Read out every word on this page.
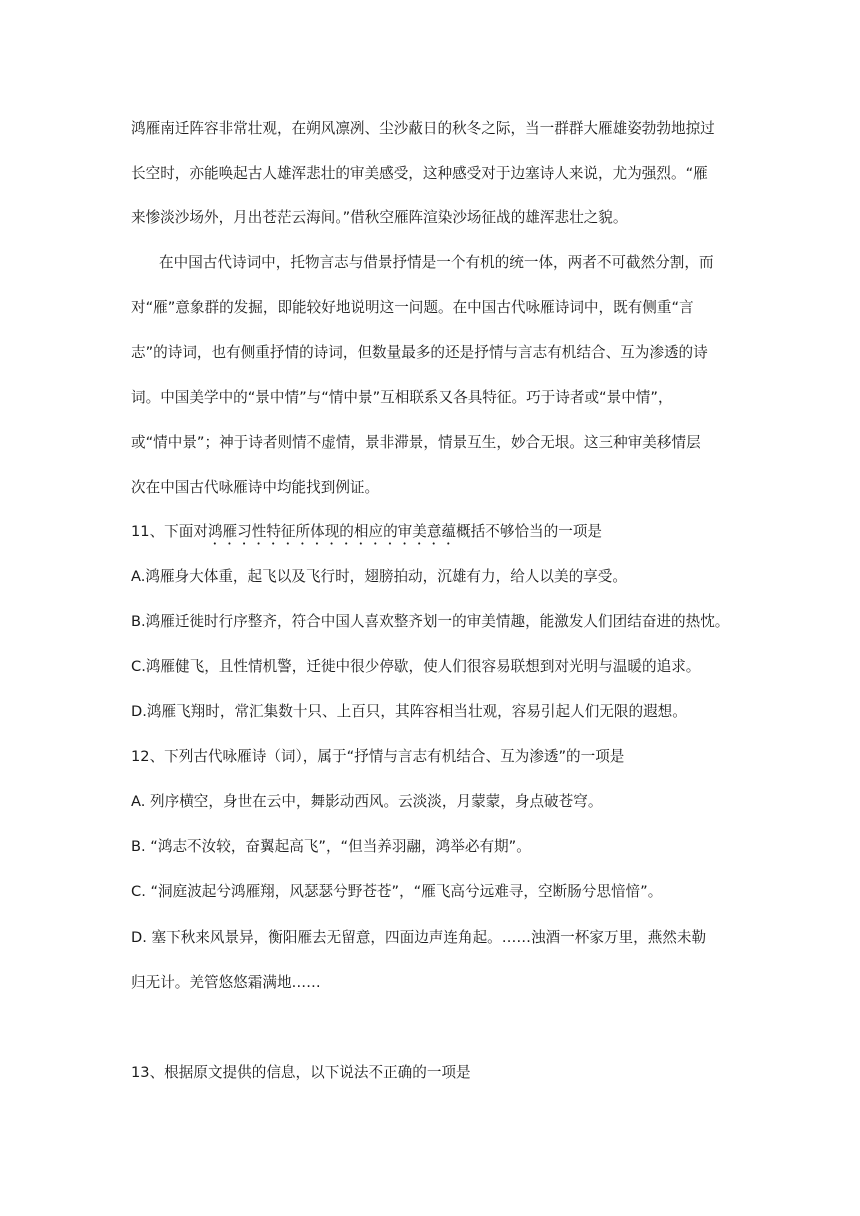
鸿雁南迁阵容非常壮观，在朔风凛冽、尘沙蔽日的秋冬之际，当一群群大雁雄姿勃勃地掠过
长空时，亦能唤起古人雄浑悲壮的审美感受，这种感受对于边塞诗人来说，尤为强烈。“雁
来惨淡沙场外，月出苍茫云海间。”借秋空雁阵渲染沙场征战的雄浑悲壮之貌。
在中国古代诗词中，托物言志与借景抒情是一个有机的统一体，两者不可截然分割，而
对“雁”意象群的发掘，即能较好地说明这一问题。在中国古代咏雁诗词中，既有侧重“言
志”的诗词，也有侧重抒情的诗词，但数量最多的还是抒情与言志有机结合、互为渗透的诗
词。中国美学中的“景中情”与“情中景”互相联系又各具特征。巧于诗者或“景中情”，
或“情中景”；神于诗者则情不虚情，景非滞景，情景互生，妙合无垠。这三种审美移情层
次在中国古代咏雁诗中均能找到例证。
11、下面对鸿雁习性特征所体现的相应的审美意蕴概括不够恰当的一项是
A.鸿雁身大体重，起飞以及飞行时，翅膀拍动，沉雄有力，给人以美的享受。
B.鸿雁迁徙时行序整齐，符合中国人喜欢整齐划一的审美情趣，能激发人们团结奋进的热忱。
C.鸿雁健飞，且性情机警，迁徙中很少停歇，使人们很容易联想到对光明与温暖的追求。
D.鸿雁飞翔时，常汇集数十只、上百只，其阵容相当壮观，容易引起人们无限的遐想。
12、下列古代咏雁诗（词），属于“抒情与言志有机结合、互为渗透”的一项是
A. 列序横空，身世在云中，舞影动西风。云淡淡，月蒙蒙，身点破苍穹。
B. “鸿志不汝较，奋翼起高飞”，“但当养羽翮，鸿举必有期”。
C. “洞庭波起兮鸿雁翔，风瑟瑟兮野苍苍”，“雁飞高兮远难寻，空断肠兮思愔愔”。
D. 塞下秋来风景异，衡阳雁去无留意，四面边声连角起。……浊酒一杯家万里，燕然未勒
归无计。羌管悠悠霜满地……
13、根据原文提供的信息，以下说法不正确的一项是
